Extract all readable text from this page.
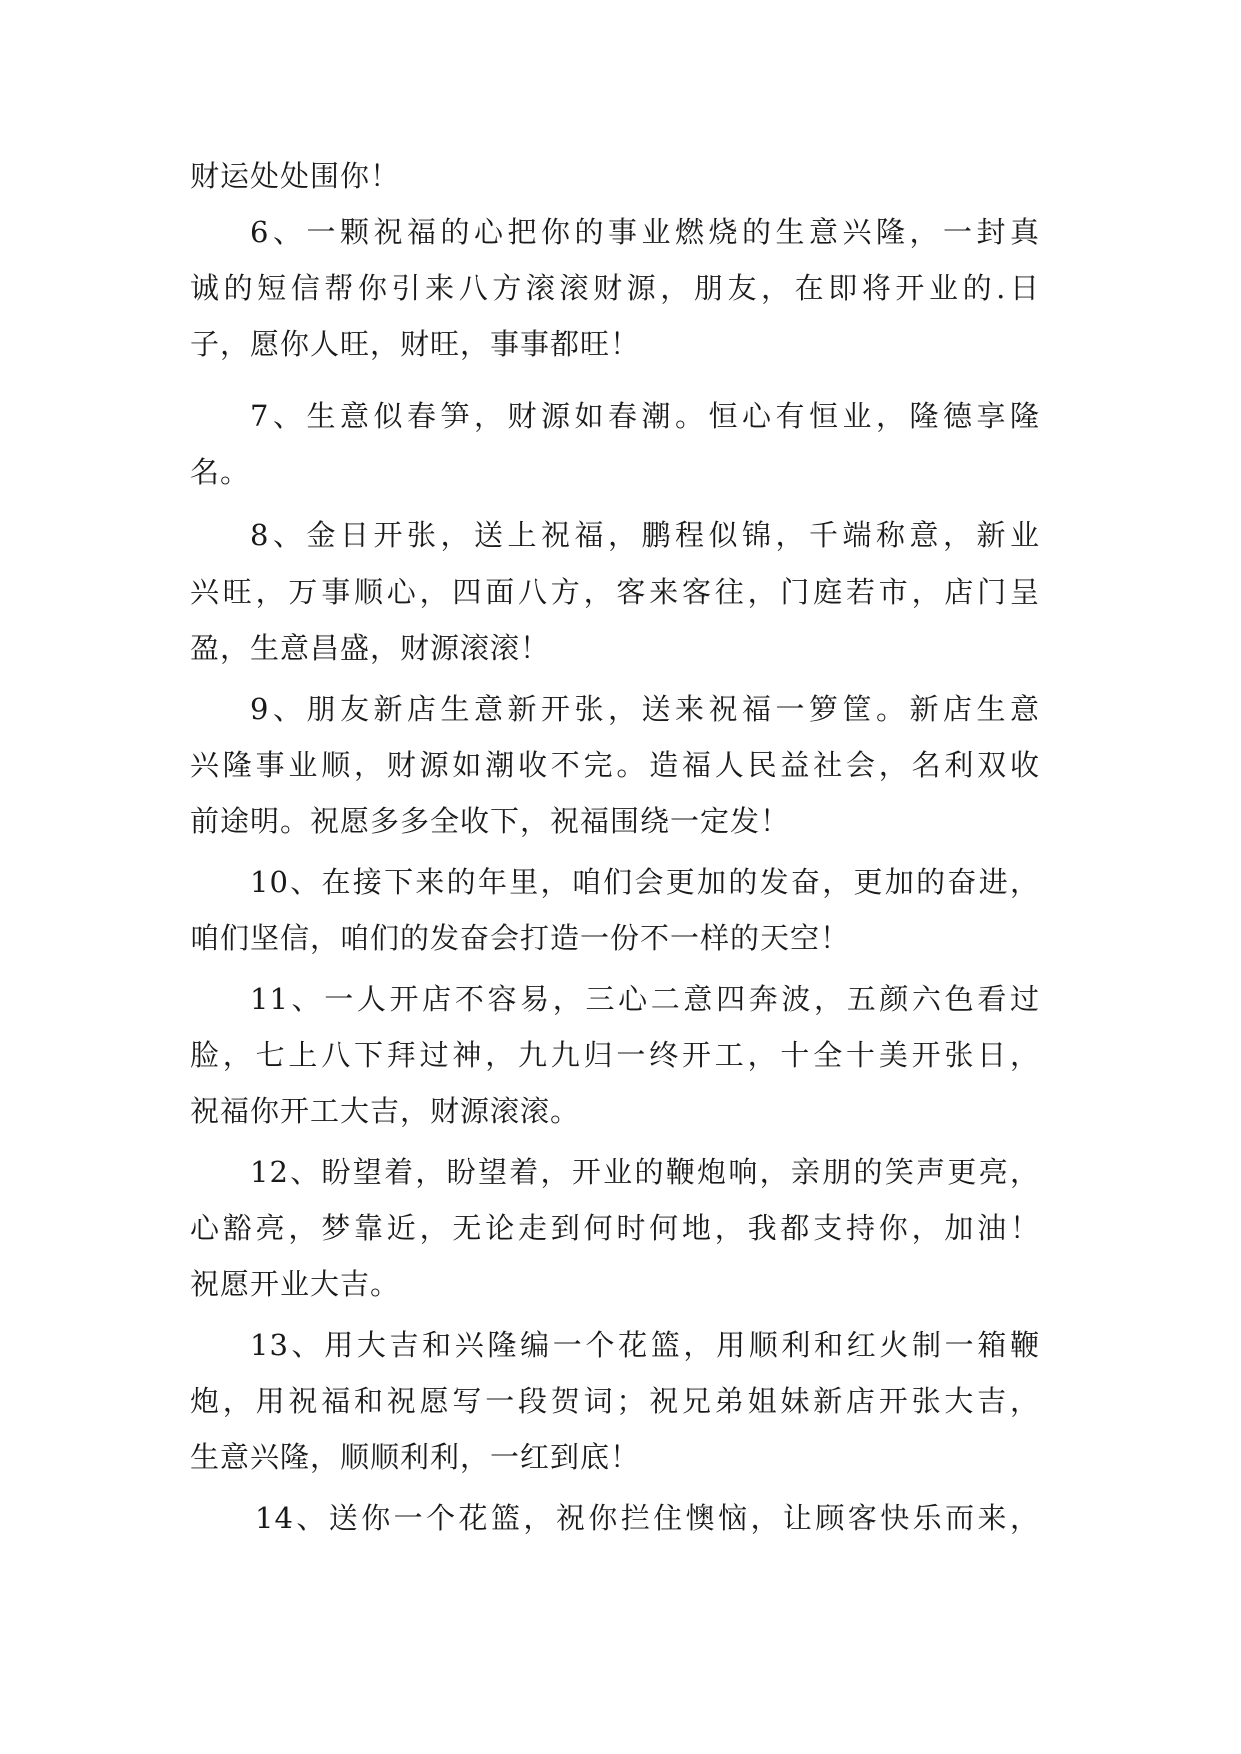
财运处处围你！
6、一颗祝福的心把你的事业燃烧的生意兴隆，一封真
诚的短信帮你引来八方滚滚财源，朋友，在即将开业的.日
子，愿你人旺，财旺，事事都旺！
7、生意似春笋，财源如春潮。恒心有恒业，隆德享隆
名。
8、金日开张，送上祝福，鹏程似锦，千端称意，新业
兴旺，万事顺心，四面八方，客来客往，门庭若市，店门呈
盈，生意昌盛，财源滚滚！
9、朋友新店生意新开张，送来祝福一箩筐。新店生意
兴隆事业顺，财源如潮收不完。造福人民益社会，名利双收
前途明。祝愿多多全收下，祝福围绕一定发！
10、在接下来的年里，咱们会更加的发奋，更加的奋进，
咱们坚信，咱们的发奋会打造一份不一样的天空！
11、一人开店不容易，三心二意四奔波，五颜六色看过
脸，七上八下拜过神，九九归一终开工，十全十美开张日，
祝福你开工大吉，财源滚滚。
12、盼望着，盼望着，开业的鞭炮响，亲朋的笑声更亮，
心豁亮，梦靠近，无论走到何时何地，我都支持你，加油！
祝愿开业大吉。
13、用大吉和兴隆编一个花篮，用顺利和红火制一箱鞭
炮，用祝福和祝愿写一段贺词；祝兄弟姐妹新店开张大吉，
生意兴隆，顺顺利利，一红到底！
14、送你一个花篮，祝你拦住懊恼，让顾客快乐而来，
